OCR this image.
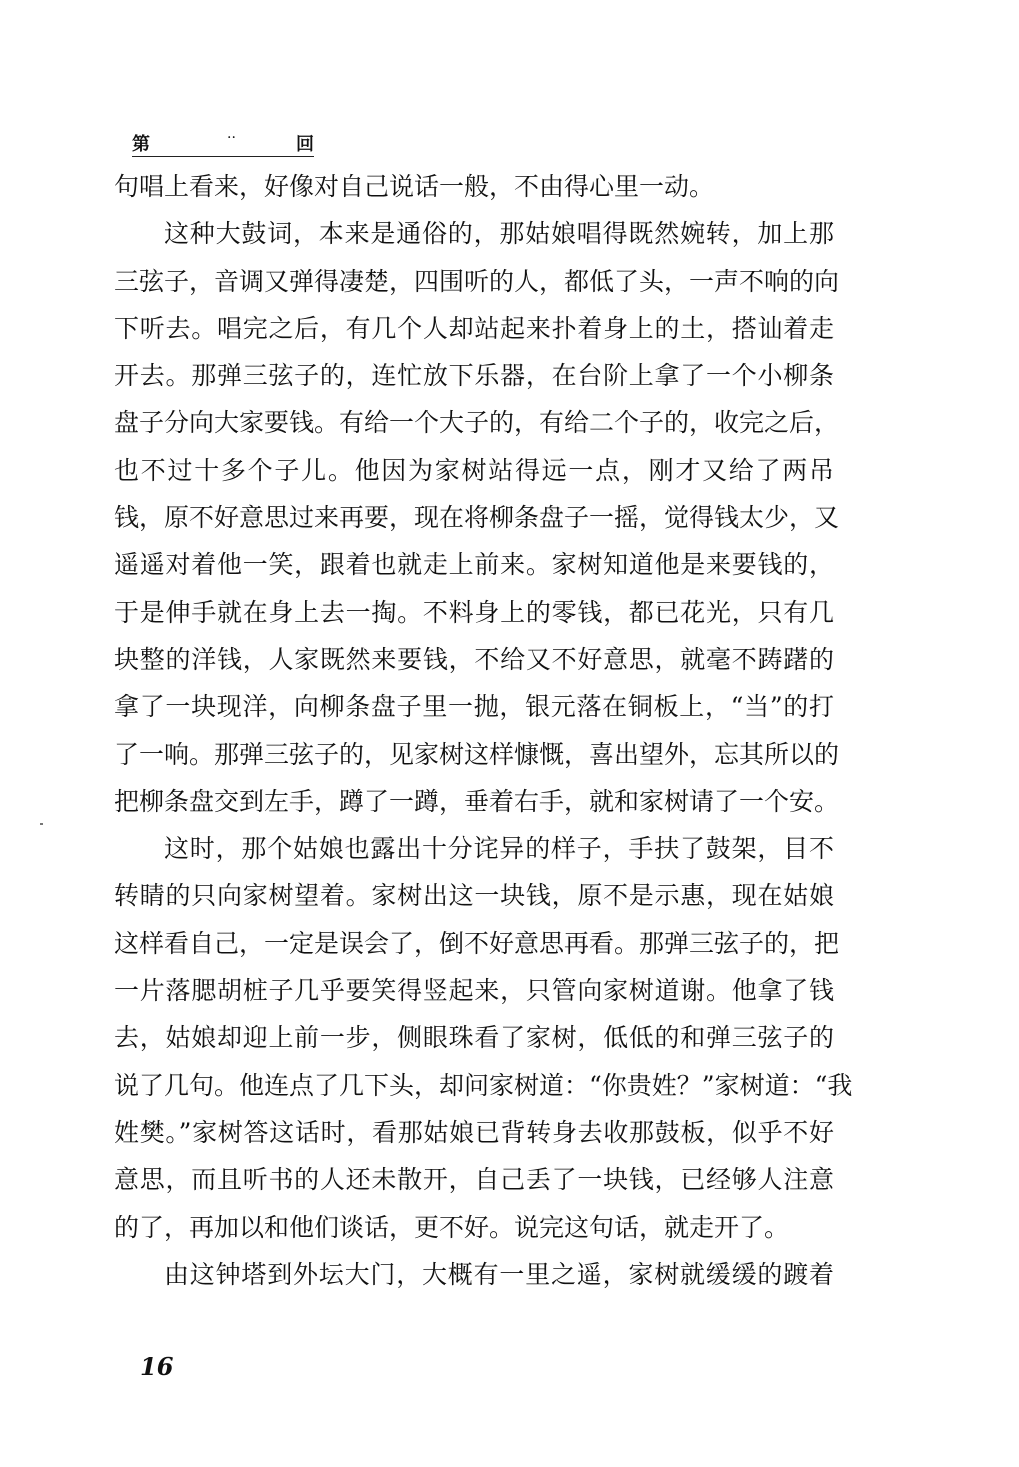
第	··	回
句唱上看来，好像对自己说话一般，不由得心里一动。
这种大鼓词，本来是通俗的，那姑娘唱得既然婉转，加上那
三弦子，音调又弹得凄楚，四围听的人，都低了头，一声不响的向
下听去。唱完之后，有几个人却站起来扑着身上的土，搭讪着走
开去。那弹三弦子的，连忙放下乐器，在台阶上拿了一个小柳条
盘子分向大家要钱。有给一个大子的，有给二个子的，收完之后，
也不过十多个子儿。他因为家树站得远一点，刚才又给了两吊
钱，原不好意思过来再要，现在将柳条盘子一摇，觉得钱太少，又
遥遥对着他一笑，跟着也就走上前来。家树知道他是来要钱的，
于是伸手就在身上去一掏。不料身上的零钱，都已花光，只有几
块整的洋钱，人家既然来要钱，不给又不好意思，就毫不踌躇的
拿了一块现洋，向柳条盘子里一抛，银元落在铜板上，“当”的打
了一响。那弹三弦子的，见家树这样慷慨，喜出望外，忘其所以的
把柳条盘交到左手，蹲了一蹲，垂着右手，就和家树请了一个安。
这时，那个姑娘也露出十分诧异的样子，手扶了鼓架，目不
转睛的只向家树望着。家树出这一块钱，原不是示惠，现在姑娘
这样看自己，一定是误会了，倒不好意思再看。那弹三弦子的，把
一片落腮胡桩子几乎要笑得竖起来，只管向家树道谢。他拿了钱
去，姑娘却迎上前一步，侧眼珠看了家树，低低的和弹三弦子的
说了几句。他连点了几下头，却问家树道：“你贵姓？”家树道：“我
姓樊。”家树答这话时，看那姑娘已背转身去收那鼓板，似乎不好
意思，而且听书的人还未散开，自己丢了一块钱，已经够人注意
的了，再加以和他们谈话，更不好。说完这句话，就走开了。
由这钟塔到外坛大门，大概有一里之遥，家树就缓缓的踱着
16
